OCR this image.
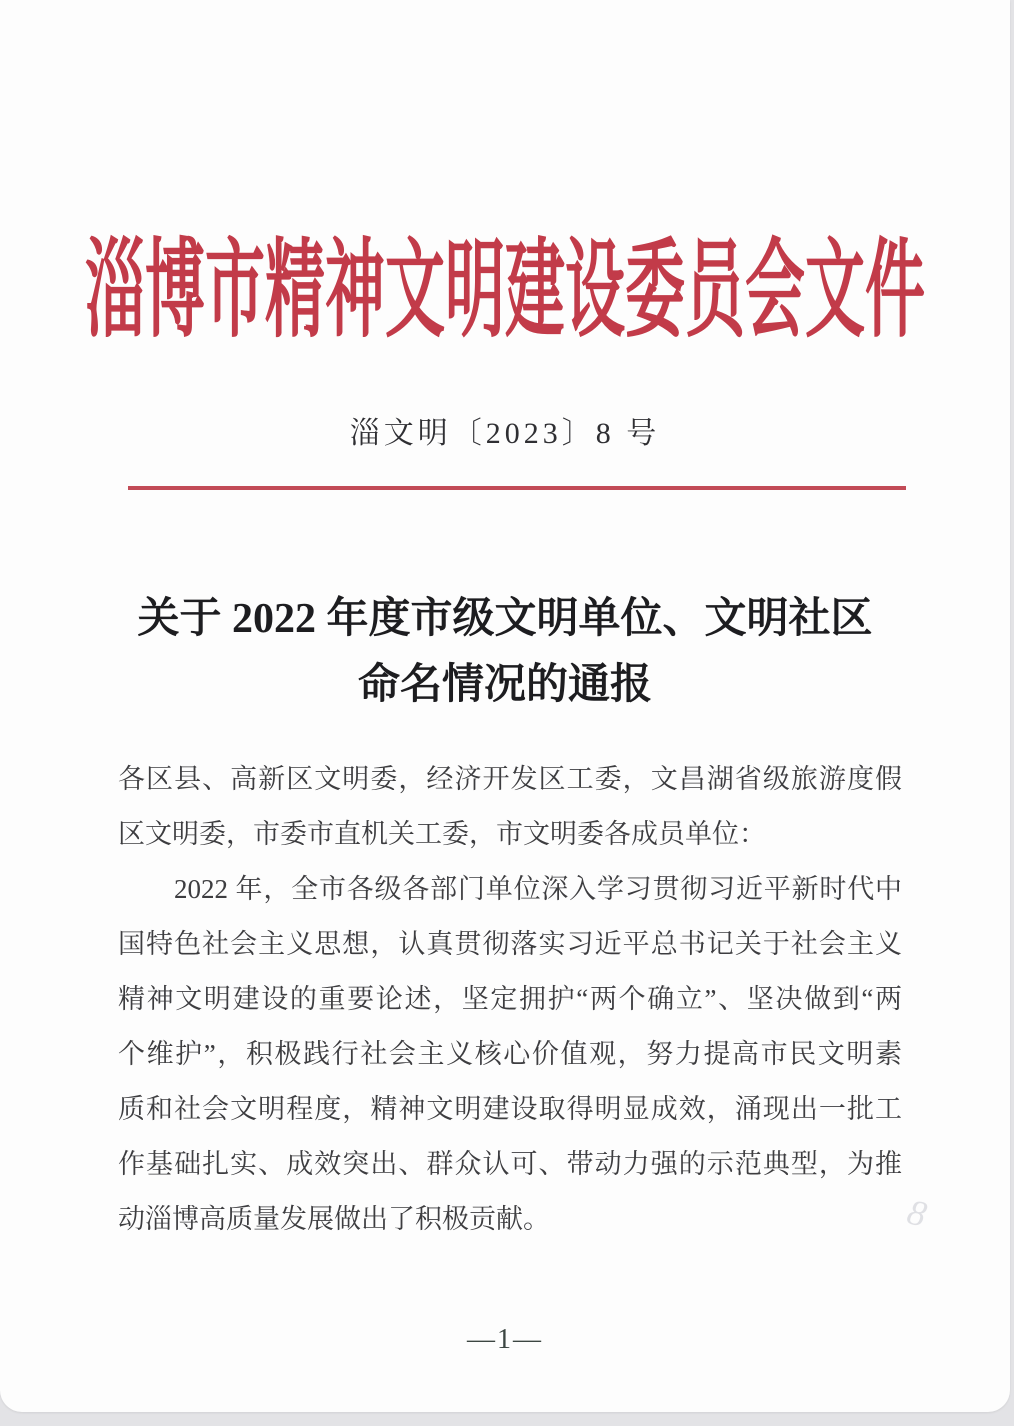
淄博市精神文明建设委员会文件
淄文明〔2023〕8 号
关于 2022 年度市级文明单位、文明社区
命名情况的通报
各区县、高新区文明委，经济开发区工委，文昌湖省级旅游度假
区文明委，市委市直机关工委，市文明委各成员单位：
2022 年，全市各级各部门单位深入学习贯彻习近平新时代中
国特色社会主义思想，认真贯彻落实习近平总书记关于社会主义
精神文明建设的重要论述，坚定拥护“两个确立”、坚决做到“两
个维护”，积极践行社会主义核心价值观，努力提高市民文明素
质和社会文明程度，精神文明建设取得明显成效，涌现出一批工
作基础扎实、成效突出、群众认可、带动力强的示范典型，为推
动淄博高质量发展做出了积极贡献。	8
—1—
